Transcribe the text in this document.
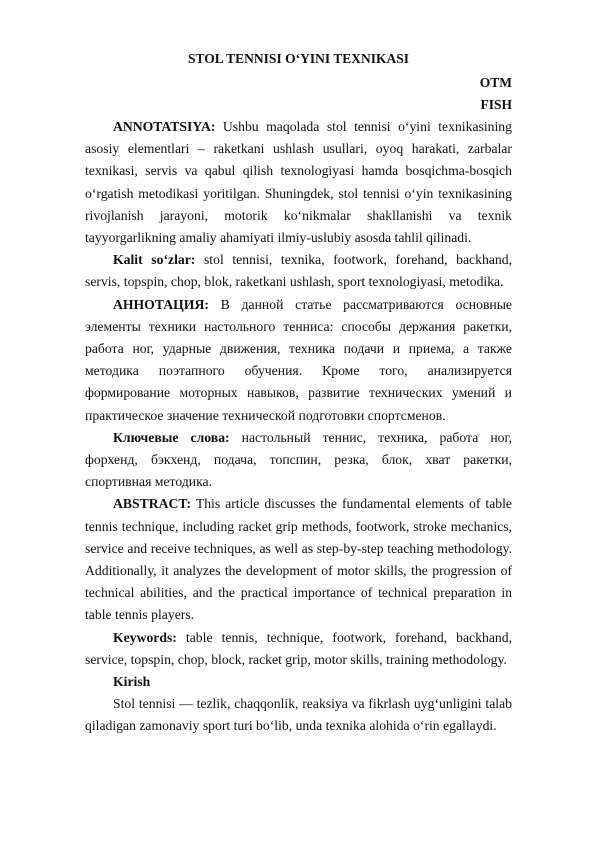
STOL TENNISI O‘YINI TEXNIKASI
OTM
FISH

ANNOTATSIYA: Ushbu maqolada stol tennisi o‘yini texnikasining asosiy elementlari – raketkani ushlash usullari, oyoq harakati, zarbalar texnikasi, servis va qabul qilish texnologiyasi hamda bosqichma-bosqich o‘rgatish metodikasi yoritilgan. Shuningdek, stol tennisi o‘yin texnikasining rivojlanish jarayoni, motorik ko‘nikmalar shakllanishi va texnik tayyorgarlikning amaliy ahamiyati ilmiy-uslubiy asosda tahlil qilinadi.

Kalit so‘zlar: stol tennisi, texnika, footwork, forehand, backhand, servis, topspin, chop, blok, raketkani ushlash, sport texnologiyasi, metodika.

АННОТАЦИЯ: В данной статье рассматриваются основные элементы техники настольного тенниса: способы держания ракетки, работа ног, ударные движения, техника подачи и приема, а также методика поэтапного обучения. Кроме того, анализируется формирование моторных навыков, развитие технических умений и практическое значение технической подготовки спортсменов.

Ключевые слова: настольный теннис, техника, работа ног, форхенд, бэкхенд, подача, топспин, резка, блок, хват ракетки, спортивная методика.

ABSTRACT: This article discusses the fundamental elements of table tennis technique, including racket grip methods, footwork, stroke mechanics, service and receive techniques, as well as step-by-step teaching methodology. Additionally, it analyzes the development of motor skills, the progression of technical abilities, and the practical importance of technical preparation in table tennis players.

Keywords: table tennis, technique, footwork, forehand, backhand, service, topspin, chop, block, racket grip, motor skills, training methodology.

Kirish

Stol tennisi — tezlik, chaqqonlik, reaksiya va fikrlash uyg‘unligini talab qiladigan zamonaviy sport turi bo‘lib, unda texnika alohida o‘rin egallaydi.
